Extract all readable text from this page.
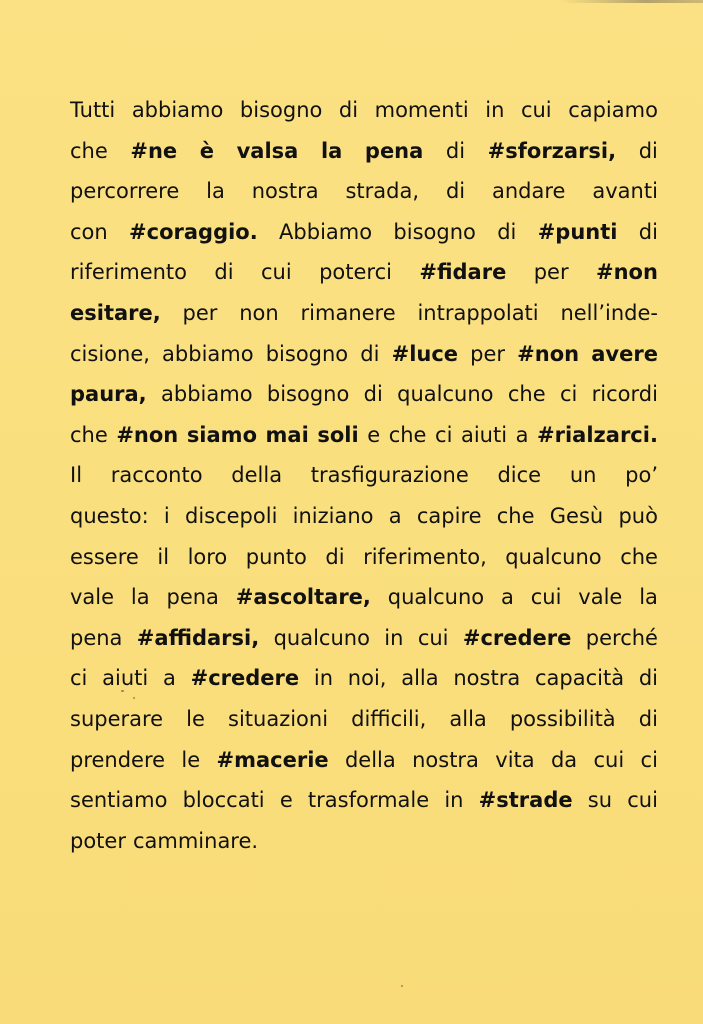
Tutti abbiamo bisogno di momenti in cui capiamo
che #ne è valsa la pena di #sforzarsi, di
percorrere la nostra strada, di andare avanti
con #coraggio. Abbiamo bisogno di #punti di
riferimento di cui poterci #fidare per #non
esitare, per non rimanere intrappolati nell’inde-
cisione, abbiamo bisogno di #luce per #non avere
paura, abbiamo bisogno di qualcuno che ci ricordi
che #non siamo mai soli e che ci aiuti a #rialzarci.
Il racconto della trasfigurazione dice un po’
questo: i discepoli iniziano a capire che Gesù può
essere il loro punto di riferimento, qualcuno che
vale la pena #ascoltare, qualcuno a cui vale la
pena #affidarsi, qualcuno in cui #credere perché
ci aiuti a #credere in noi, alla nostra capacità di
superare le situazioni difficili, alla possibilità di
prendere le #macerie della nostra vita da cui ci
sentiamo bloccati e trasformale in #strade su cui
poter camminare.
